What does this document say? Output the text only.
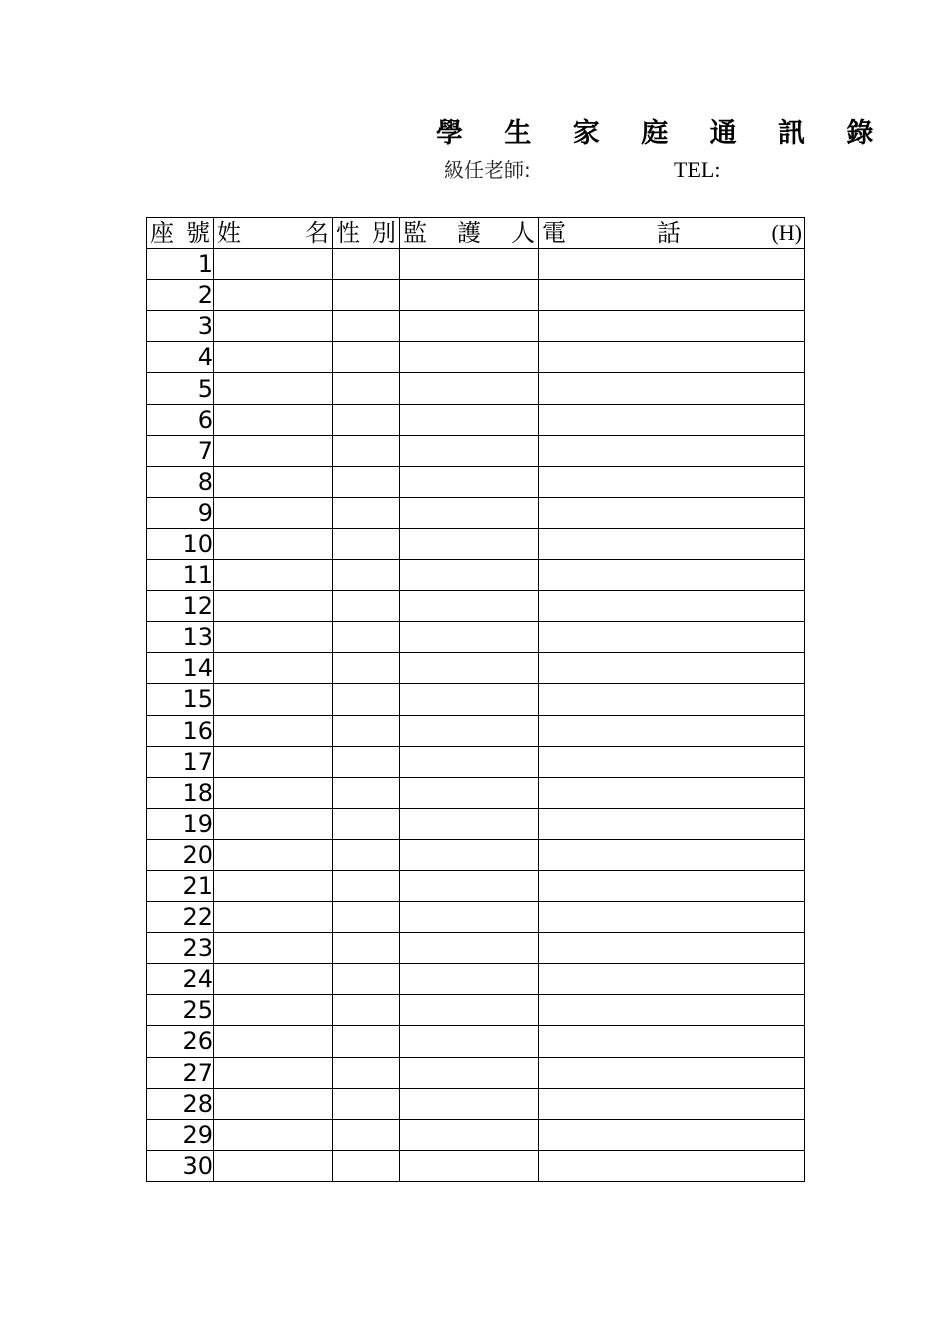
學 生 家 庭 通 訊 錄
級任老師:	TEL:
座 號	姓 名	性 別	監 護 人	電 話 (H)

1				
2				
3				
4				
5				
6				
7				
8				
9				
10				
11				
12				
13				
14				
15				
16				
17				
18				
19				
20				
21				
22				
23				
24				
25				
26				
27				
28				
29				
30				
